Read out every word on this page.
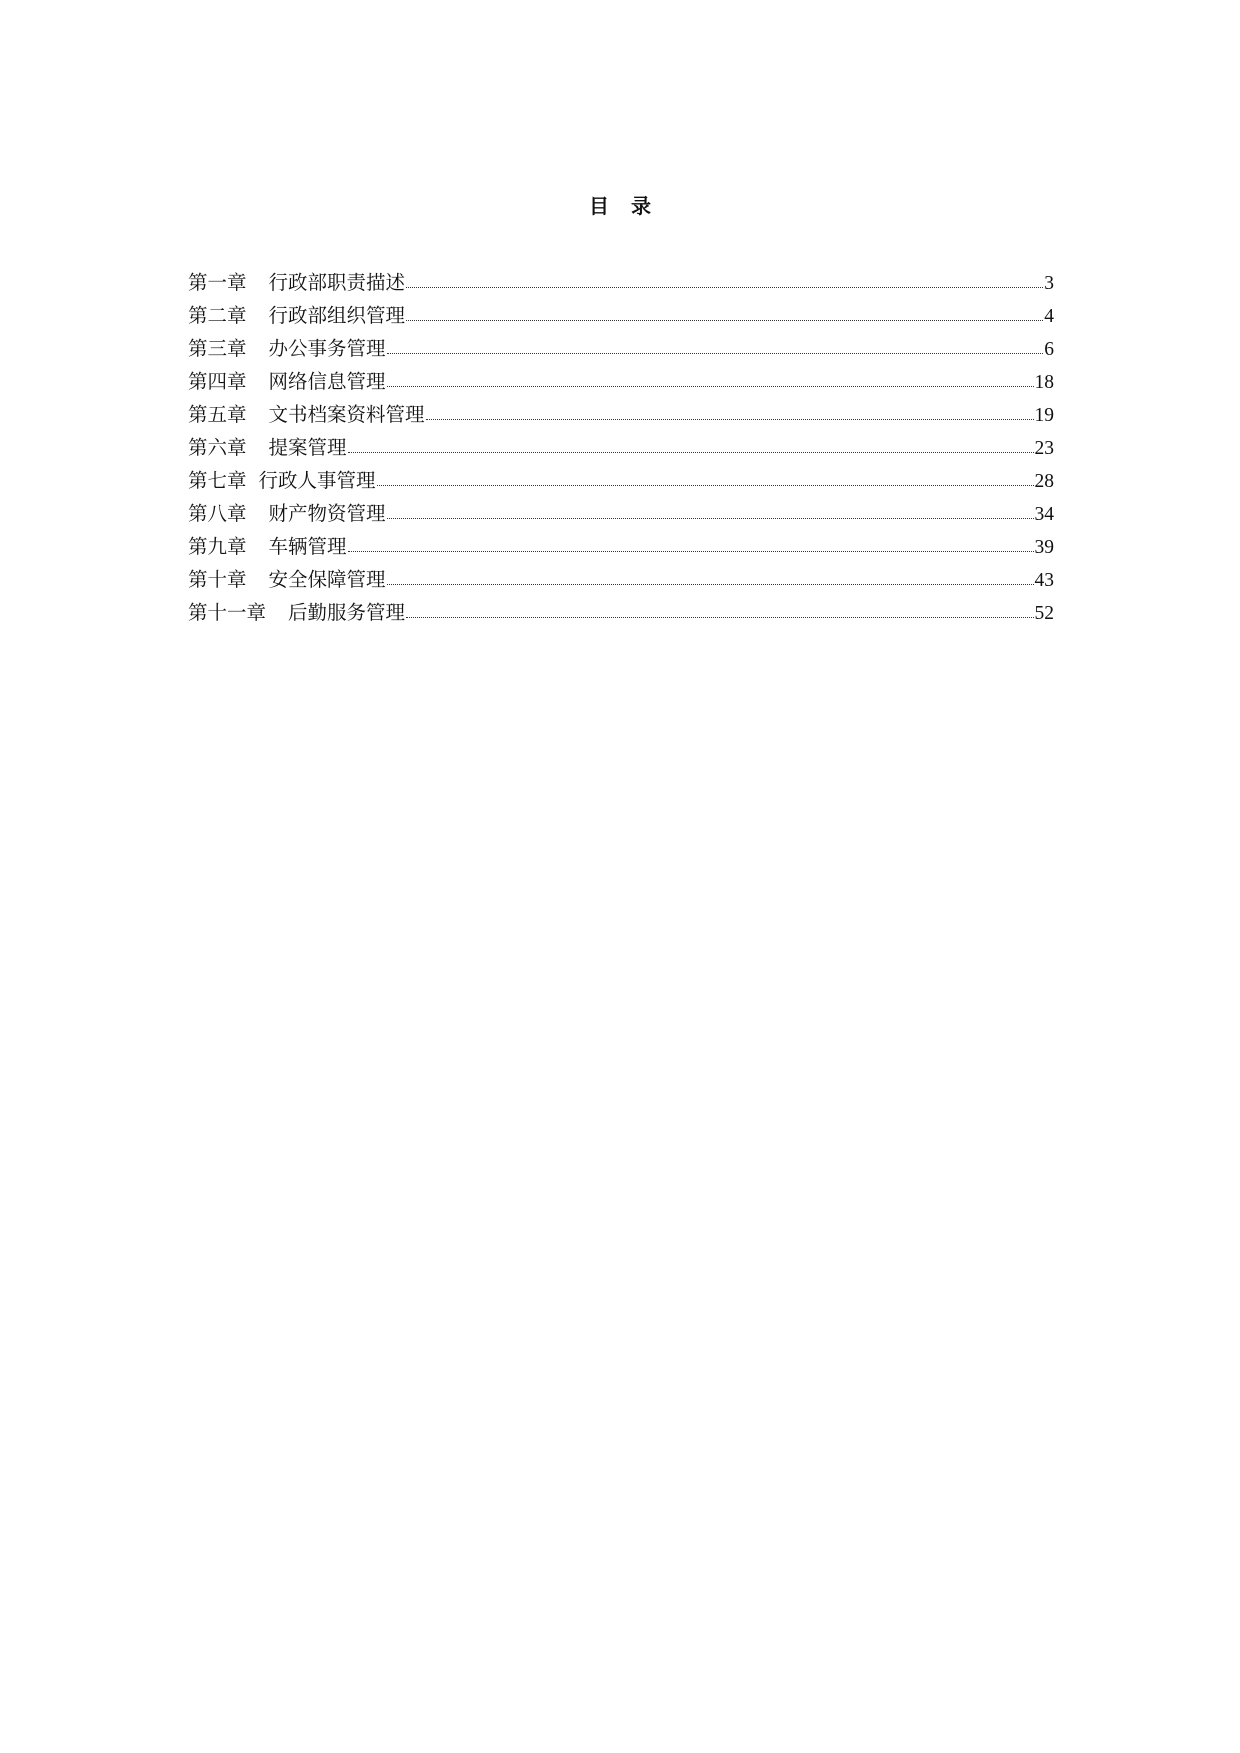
目 录
第一章 行政部职责描述	3
第二章 行政部组织管理	4
第三章 办公事务管理	6
第四章 网络信息管理	18
第五章 文书档案资料管理	19
第六章 提案管理	23
第七章 行政人事管理	28
第八章 财产物资管理	34
第九章 车辆管理	39
第十章 安全保障管理	43
第十一章 后勤服务管理	52
